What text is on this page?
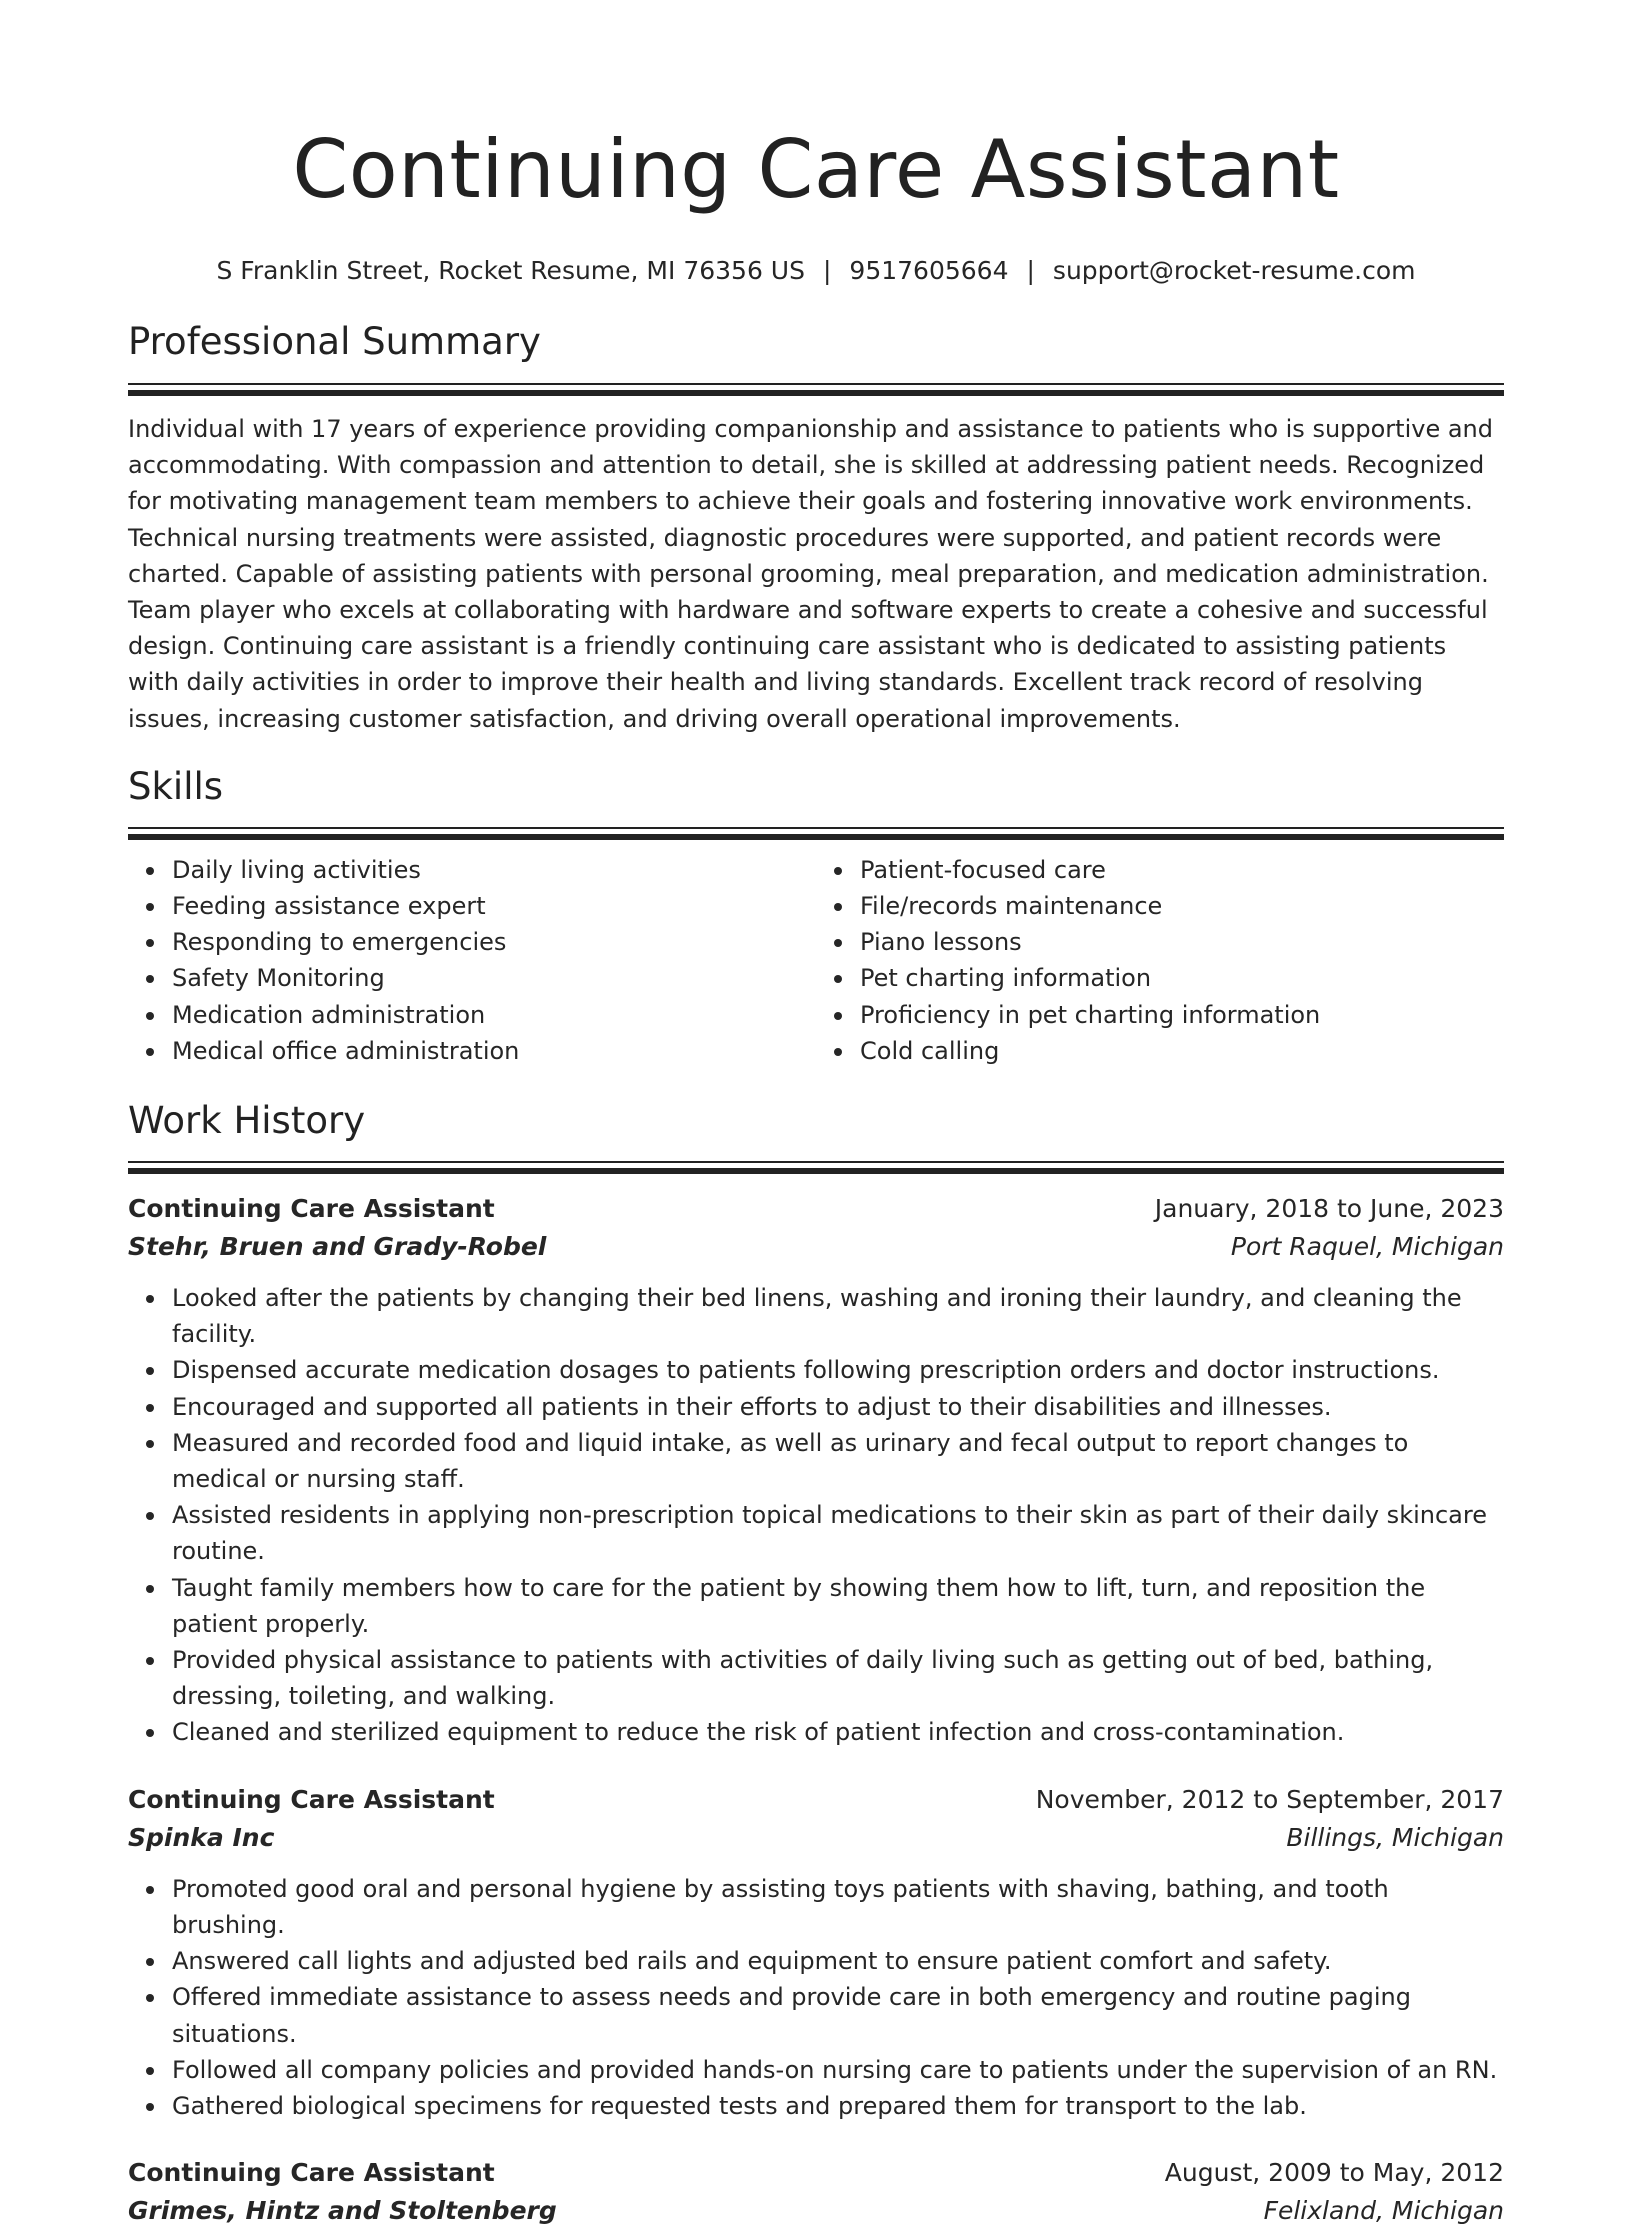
Continuing Care Assistant
S Franklin Street, Rocket Resume, MI 76356 US | 9517605664 | support@rocket-resume.com
Professional Summary

Individual with 17 years of experience providing companionship and assistance to patients who is supportive and accommodating. With compassion and attention to detail, she is skilled at addressing patient needs. Recognized for motivating management team members to achieve their goals and fostering innovative work environments. Technical nursing treatments were assisted, diagnostic procedures were supported, and patient records were charted. Capable of assisting patients with personal grooming, meal preparation, and medication administration. Team player who excels at collaborating with hardware and software experts to create a cohesive and successful design. Continuing care assistant is a friendly continuing care assistant who is dedicated to assisting patients with daily activities in order to improve their health and living standards. Excellent track record of resolving issues, increasing customer satisfaction, and driving overall operational improvements.

Skills
Daily living activities
Feeding assistance expert
Responding to emergencies
Safety Monitoring
Medication administration
Medical office administration
Patient-focused care
File/records maintenance
Piano lessons
Pet charting information
Proficiency in pet charting information
Cold calling
Work History
Continuing Care Assistant	January, 2018 to June, 2023
Stehr, Bruen and Grady-Robel	Port Raquel, Michigan
Looked after the patients by changing their bed linens, washing and ironing their laundry, and cleaning the facility.
Dispensed accurate medication dosages to patients following prescription orders and doctor instructions.
Encouraged and supported all patients in their efforts to adjust to their disabilities and illnesses.
Measured and recorded food and liquid intake, as well as urinary and fecal output to report changes to medical or nursing staff.
Assisted residents in applying non-prescription topical medications to their skin as part of their daily skincare routine.
Taught family members how to care for the patient by showing them how to lift, turn, and reposition the patient properly.
Provided physical assistance to patients with activities of daily living such as getting out of bed, bathing, dressing, toileting, and walking.
Cleaned and sterilized equipment to reduce the risk of patient infection and cross-contamination.
Continuing Care Assistant	November, 2012 to September, 2017
Spinka Inc	Billings, Michigan
Promoted good oral and personal hygiene by assisting toys patients with shaving, bathing, and tooth brushing.
Answered call lights and adjusted bed rails and equipment to ensure patient comfort and safety.
Offered immediate assistance to assess needs and provide care in both emergency and routine paging situations.
Followed all company policies and provided hands-on nursing care to patients under the supervision of an RN.
Gathered biological specimens for requested tests and prepared them for transport to the lab.
Continuing Care Assistant	August, 2009 to May, 2012
Grimes, Hintz and Stoltenberg	Felixland, Michigan
